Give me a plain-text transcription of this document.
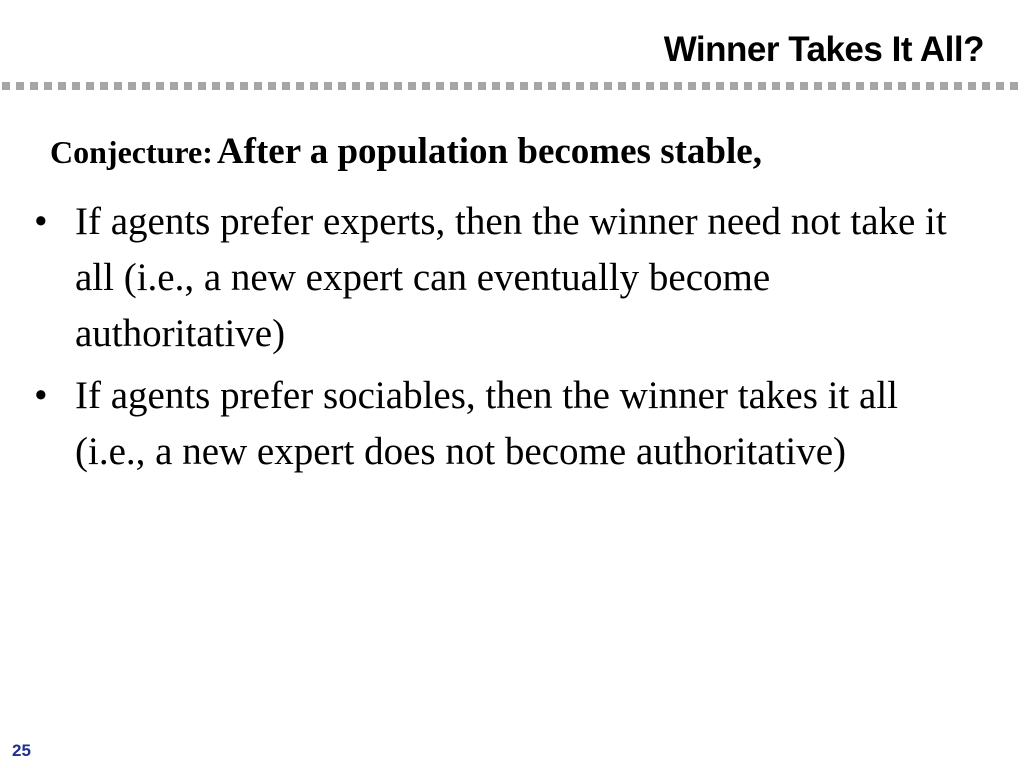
Winner Takes It All?
Conjecture: After a population becomes stable,
• If agents prefer experts, then the winner need not take it all (i.e., a new expert can eventually become authoritative)
• If agents prefer sociables, then the winner takes it all (i.e., a new expert does not become authoritative)
25
